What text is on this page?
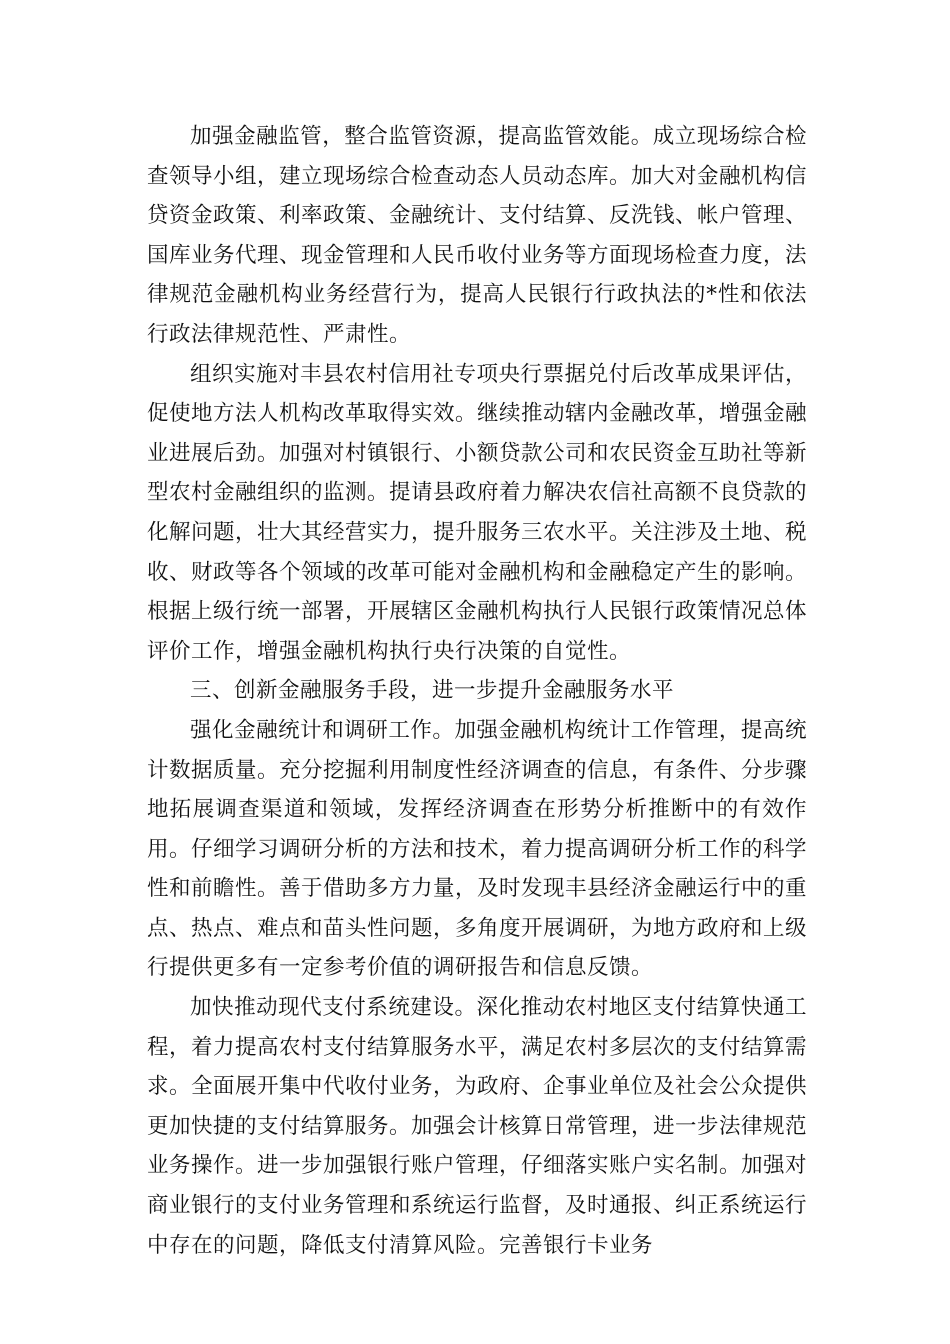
加强金融监管，整合监管资源，提高监管效能。成立现场综合检查领导小组，建立现场综合检查动态人员动态库。加大对金融机构信贷资金政策、利率政策、金融统计、支付结算、反洗钱、帐户管理、国库业务代理、现金管理和人民币收付业务等方面现场检查力度，法律规范金融机构业务经营行为，提高人民银行行政执法的*性和依法行政法律规范性、严肃性。

组织实施对丰县农村信用社专项央行票据兑付后改革成果评估，促使地方法人机构改革取得实效。继续推动辖内金融改革，增强金融业进展后劲。加强对村镇银行、小额贷款公司和农民资金互助社等新型农村金融组织的监测。提请县政府着力解决农信社高额不良贷款的化解问题，壮大其经营实力，提升服务三农水平。关注涉及土地、税收、财政等各个领域的改革可能对金融机构和金融稳定产生的影响。根据上级行统一部署，开展辖区金融机构执行人民银行政策情况总体评价工作，增强金融机构执行央行决策的自觉性。

三、创新金融服务手段，进一步提升金融服务水平

强化金融统计和调研工作。加强金融机构统计工作管理，提高统计数据质量。充分挖掘利用制度性经济调查的信息，有条件、分步骤地拓展调查渠道和领域，发挥经济调查在形势分析推断中的有效作用。仔细学习调研分析的方法和技术，着力提高调研分析工作的科学性和前瞻性。善于借助多方力量，及时发现丰县经济金融运行中的重点、热点、难点和苗头性问题，多角度开展调研，为地方政府和上级行提供更多有一定参考价值的调研报告和信息反馈。

加快推动现代支付系统建设。深化推动农村地区支付结算快通工程，着力提高农村支付结算服务水平，满足农村多层次的支付结算需求。全面展开集中代收付业务，为政府、企事业单位及社会公众提供更加快捷的支付结算服务。加强会计核算日常管理，进一步法律规范业务操作。进一步加强银行账户管理，仔细落实账户实名制。加强对商业银行的支付业务管理和系统运行监督，及时通报、纠正系统运行中存在的问题，降低支付清算风险。完善银行卡业务
